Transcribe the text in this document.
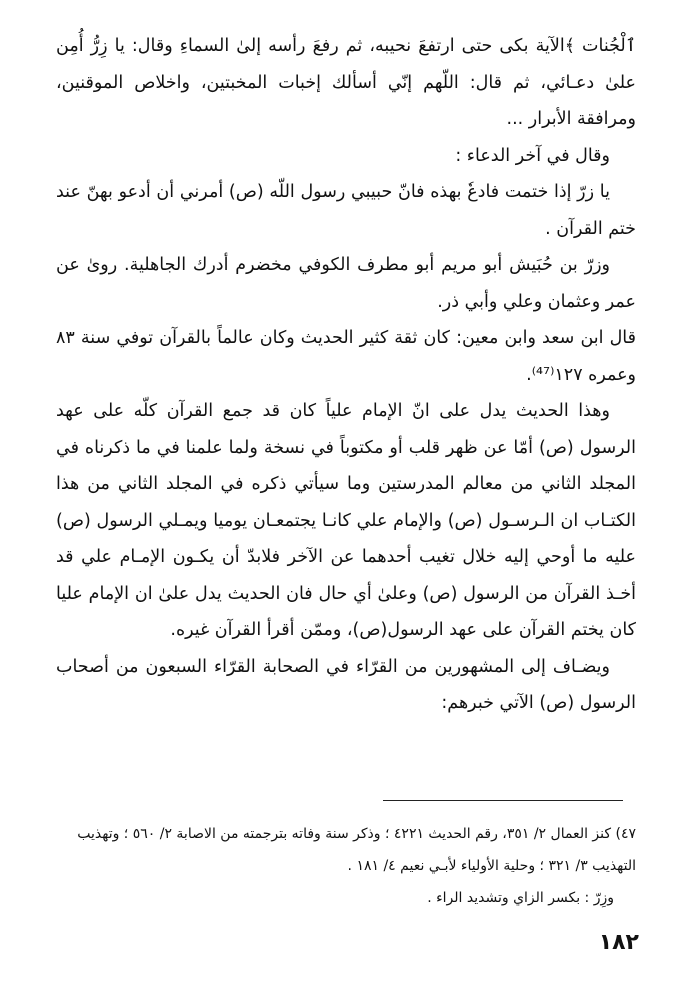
ٱلْجُنات ﴾الآية بكى حتى ارتفعَ نحيبه، ثم رفعَ رأسه إلىٰ السماءِ وقال: يا زِرُّ أُمِن علىٰ دعـائي، ثم قال: اللّهم إنّي أسألك إخبات المخبتين، واخلاص الموقنين، ومرافقة الأبرار ...

وقال في آخر الدعاء :

يا زرّ إذا ختمت فادعٗ بهذه فانّ حبيبي رسول اللّه (ص) أمرني أن أدعو بهنّ عند ختم القرآن .

وزرّ بن حُبَيش أبو مريم أبو مطرف الكوفي مخضرم أدرك الجاهلية. روىٰ عن عمر وعثمان وعلي وأبي ذر.

قال ابن سعد وابن معين: كان ثقة كثير الحديث وكان عالماً بالقرآن توفي سنة ٨٣ وعمره ١٢٧⁽⁴⁷⁾.

وهذا الحديث يدل على انّ الإمام علياً كان قد جمع القرآن كلّه على عهد الرسول (ص) أمّا عن ظهر قلب أو مكتوباً في نسخة ولما علمنا في ما ذكرناه في المجلد الثاني من معالم المدرستين وما سيأتي ذكره في المجلد الثاني من هذا الكتـاب ان الـرسـول (ص) والإمام علي كانـا يجتمعـان يوميا ويمـلي الرسول (ص) عليه ما أوحي إليه خلال تغيب أحدهما عن الآخر فلابدّ أن يكـون الإمـام علي قد أخـذ القرآن من الرسول (ص) وعلىٰ أي حال فان الحديث يدل علىٰ ان الإمام عليا كان يختم القرآن على عهد الرسول(ص)، وممّن أقرأ القرآن غيره.

ويضـاف إلى المشهورين من القرّاء في الصحابة القرّاء السبعون من أصحاب الرسول (ص) الآتي خبرهم:

٤٧) كنز العمال ٢/ ٣٥١، رقم الحديث ٤٢٢١ ؛ وذكر سنة وفاته بترجمته من الاصابة ٢/ ٥٦٠ ؛ وتهذيب التهذيب ٣/ ٣٢١ ؛ وحلية الأولياء لأبـي نعيم ٤/ ١٨١ .

وزِرّ : بكسر الزاي وتشديد الراء .

١٨٢
